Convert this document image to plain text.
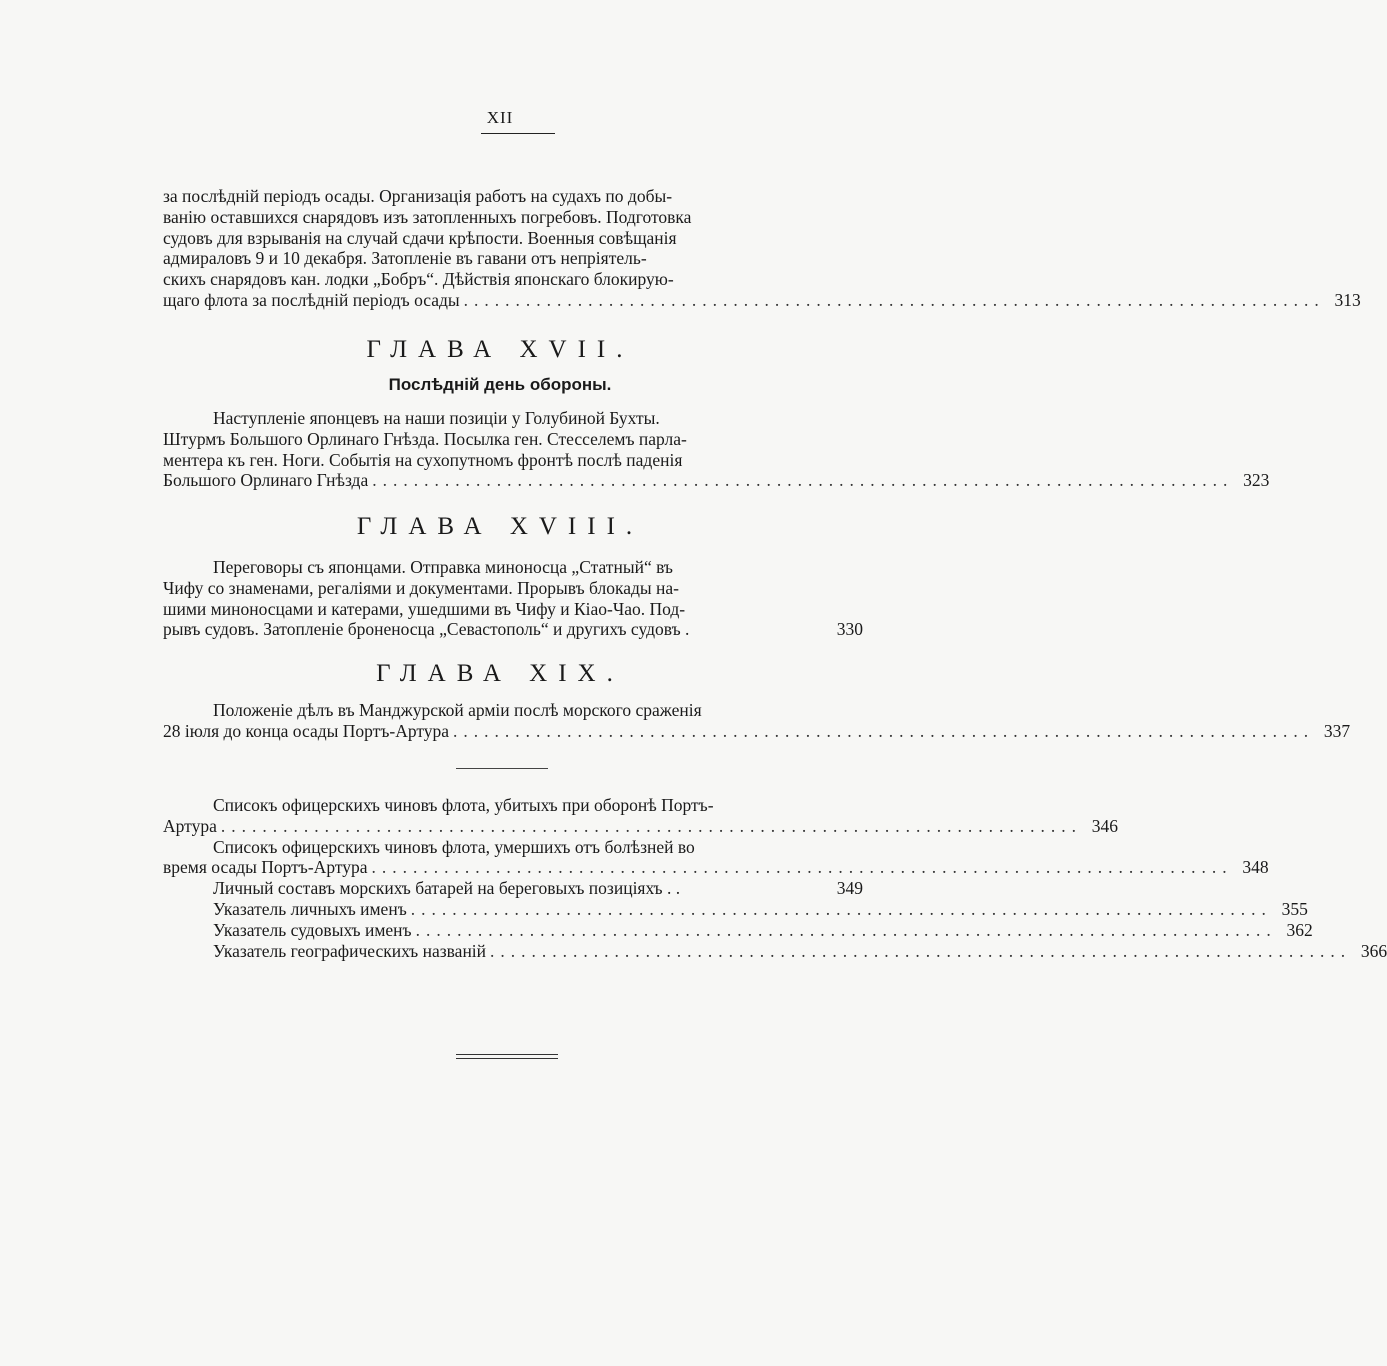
XII
за послѣдній періодъ осады. Организація работъ на судахъ по добы-
ванію оставшихся снарядовъ изъ затопленныхъ погребовъ. Подготовка
судовъ для взрыванія на случай сдачи крѣпости. Военныя совѣщанія
адмираловъ 9 и 10 декабря. Затопленіе въ гавани отъ непріятель-
скихъ снарядовъ кан. лодки „Бобръ“. Дѣйствія японскаго блокирую-
щаго флота за послѣдній періодъ осады ................................................................................... 313
ГЛАВА XVII.
Послѣдній день обороны.
Наступленіе японцевъ на наши позиціи у Голубиной Бухты.
Штурмъ Большого Орлинаго Гнѣзда. Посылка ген. Стесселемъ парла-
ментера къ ген. Ноги. Событія на сухопутномъ фронтѣ послѣ паденія
Большого Орлинаго Гнѣзда ................................................................................... 323
ГЛАВА XVIII.
Переговоры съ японцами. Отправка миноносца „Статный“ въ
Чифу со знаменами, регаліями и документами. Прорывъ блокады на-
шими миноносцами и катерами, ушедшими въ Чифу и Кіао-Чао. Под-
рывъ судовъ. Затопленіе броненосца „Севастополь“ и другихъ судовъ .	330
ГЛАВА XIX.
Положеніе дѣлъ въ Манджурской арміи послѣ морского сраженія
28 іюля до конца осады Портъ-Артура ................................................................................... 337
Списокъ офицерскихъ чиновъ флота, убитыхъ при оборонѣ Портъ-
Артура ................................................................................... 346
Списокъ офицерскихъ чиновъ флота, умершихъ отъ болѣзней во
время осады Портъ-Артура ................................................................................... 348
Личный составъ морскихъ батарей на береговыхъ позиціяхъ . .	349
Указатель личныхъ именъ ................................................................................... 355
Указатель судовыхъ именъ ................................................................................... 362
Указатель географическихъ названій ................................................................................... 366
